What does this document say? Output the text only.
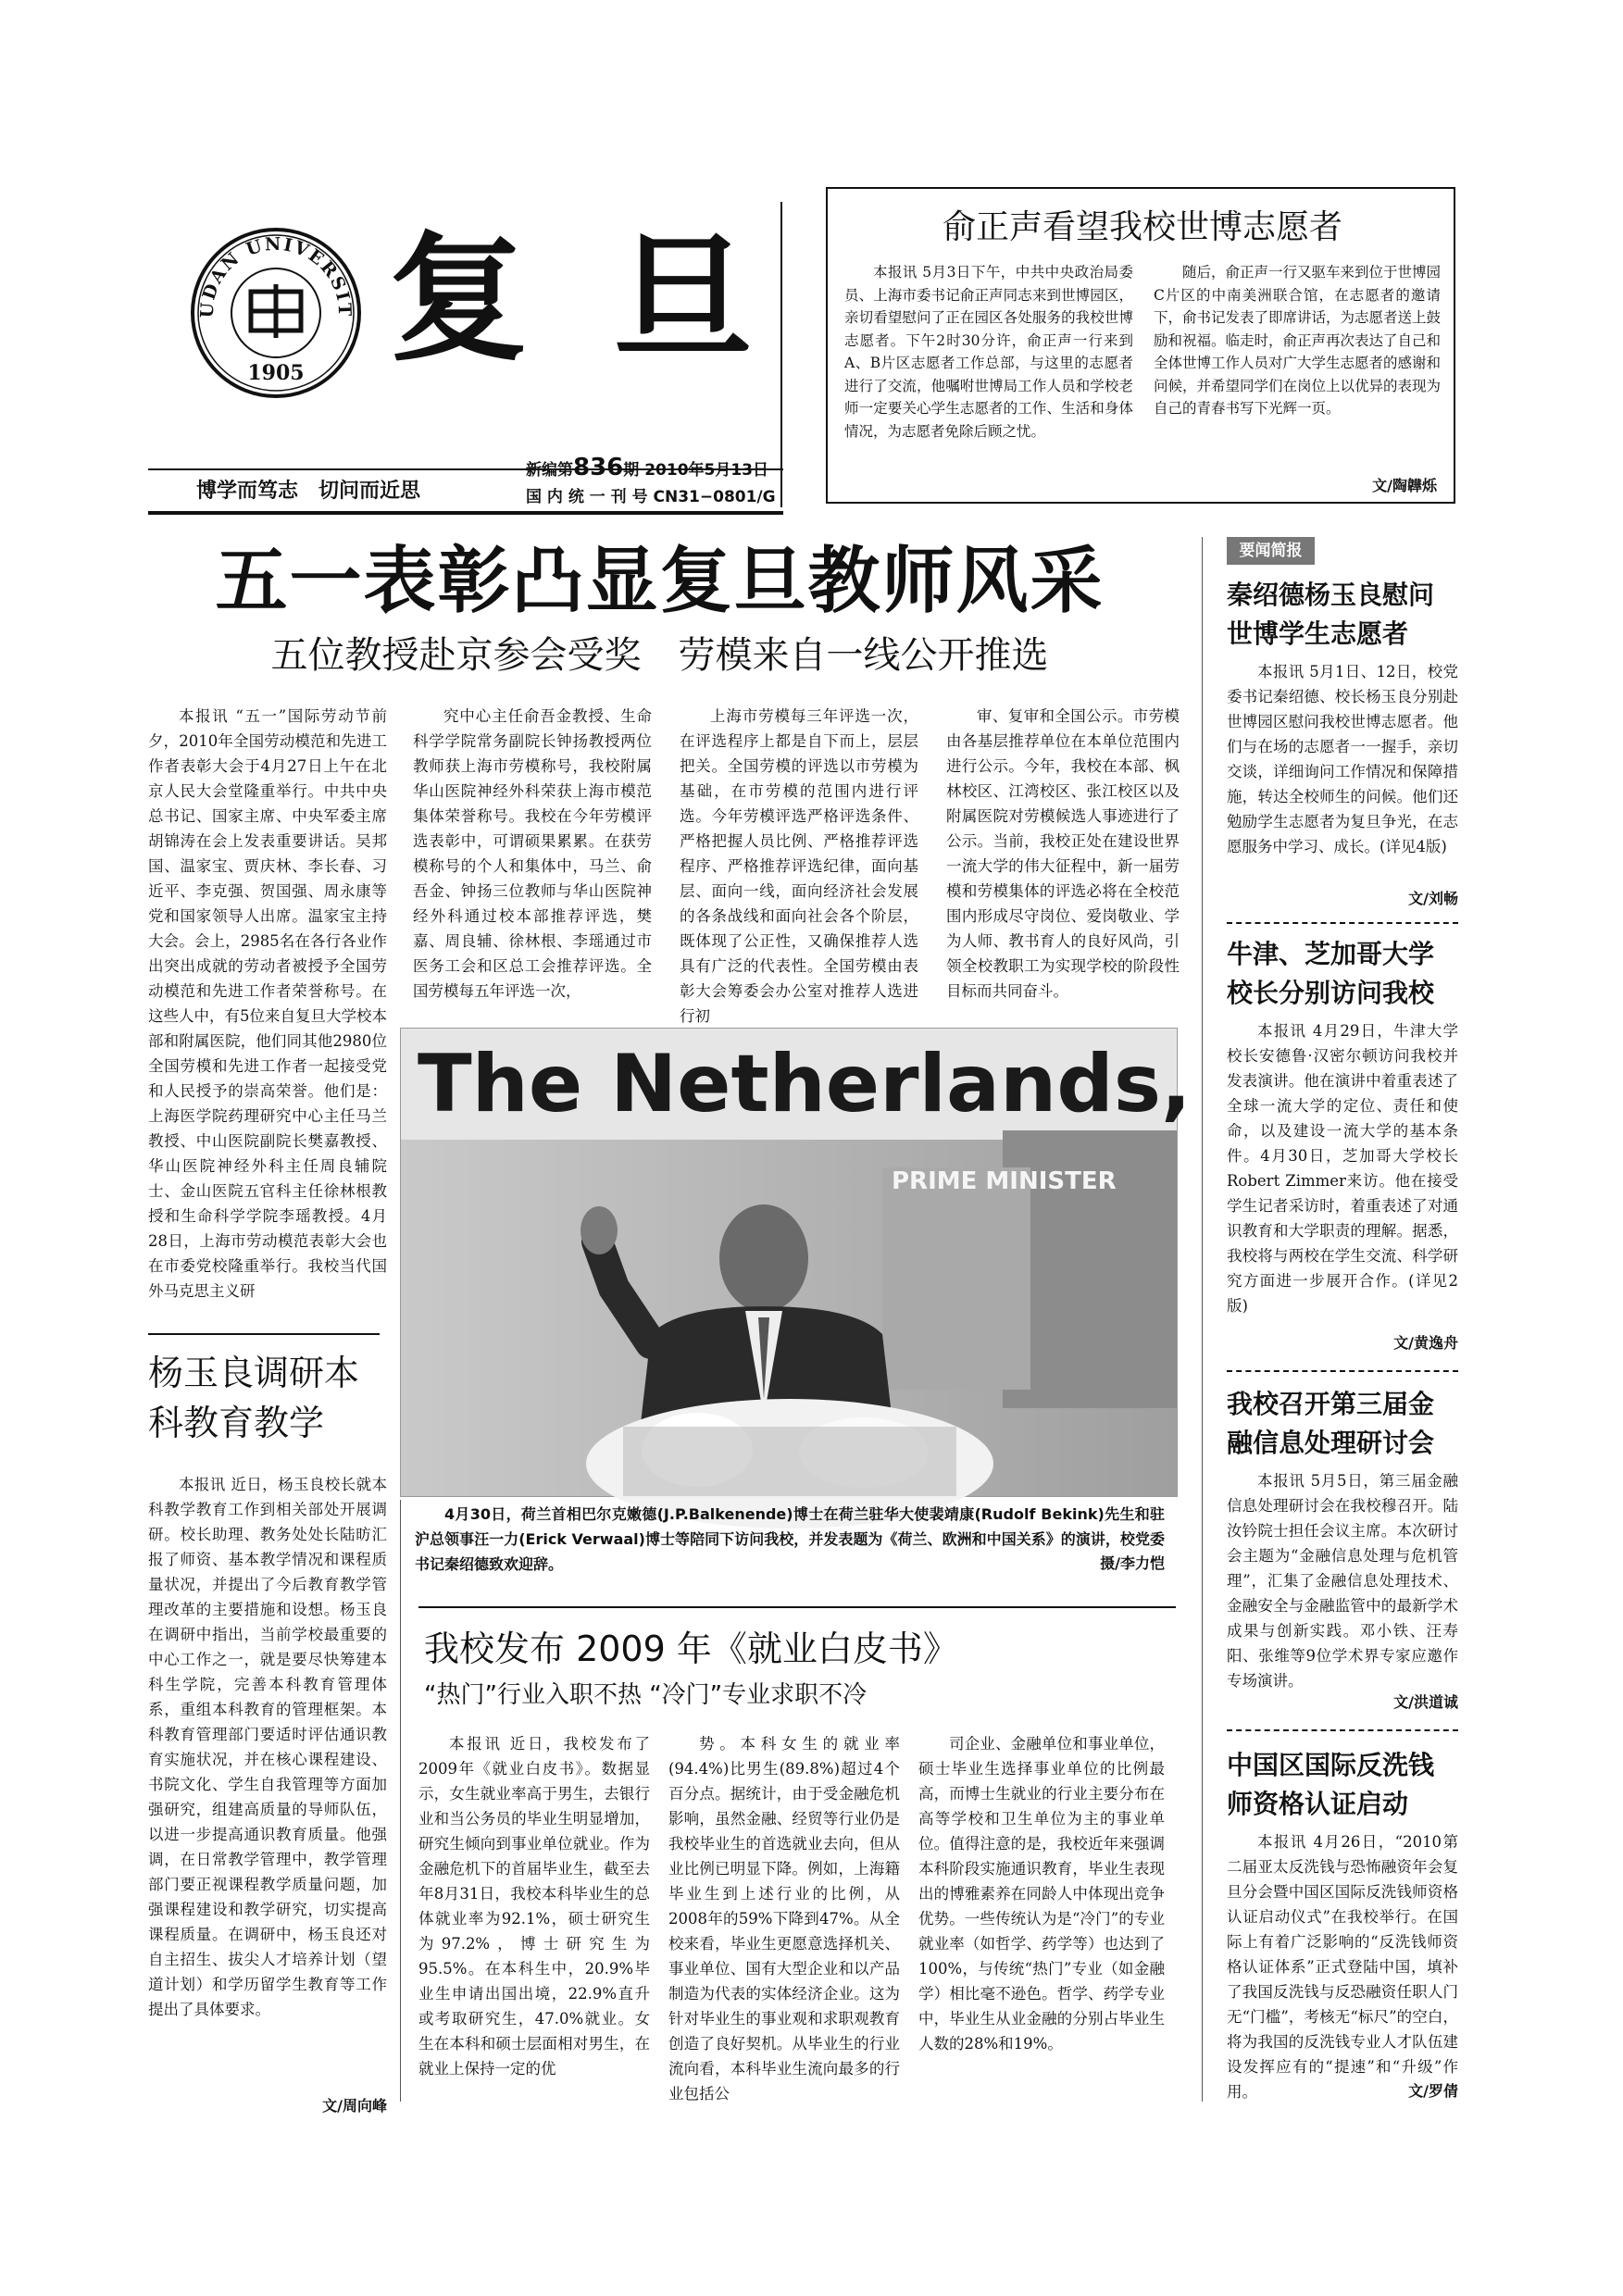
UDAN UNIVERSIT
1905 复 旦
博学而笃志　切问而近思
新编第836期 2010年5月13日
国 内 统 一 刊 号 CN31−0801/G
俞正声看望我校世博志愿者

本报讯 5月3日下午，中共中央政治局委员、上海市委书记俞正声同志来到世博园区，亲切看望慰问了正在园区各处服务的我校世博志愿者。下午2时30分许，俞正声一行来到A、B片区志愿者工作总部，与这里的志愿者进行了交流，他嘱咐世博局工作人员和学校老师一定要关心学生志愿者的工作、生活和身体情况，为志愿者免除后顾之忧。

随后，俞正声一行又驱车来到位于世博园C片区的中南美洲联合馆，在志愿者的邀请下，俞书记发表了即席讲话，为志愿者送上鼓励和祝福。临走时，俞正声再次表达了自己和全体世博工作人员对广大学生志愿者的感谢和问候，并希望同学们在岗位上以优异的表现为自己的青春书写下光辉一页。

文/陶韡烁
五一表彰凸显复旦教师风采
五位教授赴京参会受奖　劳模来自一线公开推选

本报讯 “五一”国际劳动节前夕，2010年全国劳动模范和先进工作者表彰大会于4月27日上午在北京人民大会堂隆重举行。中共中央总书记、国家主席、中央军委主席胡锦涛在会上发表重要讲话。吴邦国、温家宝、贾庆林、李长春、习近平、李克强、贺国强、周永康等党和国家领导人出席。温家宝主持大会。会上，2985名在各行各业作出突出成就的劳动者被授予全国劳动模范和先进工作者荣誉称号。在这些人中，有5位来自复旦大学校本部和附属医院，他们同其他2980位全国劳模和先进工作者一起接受党和人民授予的崇高荣誉。他们是：上海医学院药理研究中心主任马兰教授、中山医院副院长樊嘉教授、华山医院神经外科主任周良辅院士、金山医院五官科主任徐林根教授和生命科学学院李瑶教授。4月28日，上海市劳动模范表彰大会也在市委党校隆重举行。我校当代国外马克思主义研

究中心主任俞吾金教授、生命科学学院常务副院长钟扬教授两位教师获上海市劳模称号，我校附属华山医院神经外科荣获上海市模范集体荣誉称号。我校在今年劳模评选表彰中，可谓硕果累累。在获劳模称号的个人和集体中，马兰、俞吾金、钟扬三位教师与华山医院神经外科通过校本部推荐评选，樊嘉、周良辅、徐林根、李瑶通过市医务工会和区总工会推荐评选。全国劳模每五年评选一次，

上海市劳模每三年评选一次，在评选程序上都是自下而上，层层把关。全国劳模的评选以市劳模为基础，在市劳模的范围内进行评选。今年劳模评选严格评选条件、严格把握人员比例、严格推荐评选程序、严格推荐评选纪律，面向基层、面向一线，面向经济社会发展的各条战线和面向社会各个阶层，既体现了公正性，又确保推荐人选具有广泛的代表性。全国劳模由表彰大会筹委会办公室对推荐人选进行初

审、复审和全国公示。市劳模由各基层推荐单位在本单位范围内进行公示。今年，我校在本部、枫林校区、江湾校区、张江校区以及附属医院对劳模候选人事迹进行了公示。当前，我校正处在建设世界一流大学的伟大征程中，新一届劳模和劳模集体的评选必将在全校范围内形成尽守岗位、爱岗敬业、学为人师、教书育人的良好风尚，引领全校教职工为实现学校的阶段性目标而共同奋斗。

The Netherlands,
PRIME MINISTER
4月30日，荷兰首相巴尔克嫩德(J.P.Balkenende)博士在荷兰驻华大使裴靖康(Rudolf Bekink)先生和驻沪总领事汪一力(Erick Verwaal)博士等陪同下访问我校，并发表题为《荷兰、欧洲和中国关系》的演讲，校党委书记秦绍德致欢迎辞。	摄/李力恺
杨玉良调研本科教育教学

本报讯 近日，杨玉良校长就本科教学教育工作到相关部处开展调研。校长助理、教务处处长陆昉汇报了师资、基本教学情况和课程质量状况，并提出了今后教育教学管理改革的主要措施和设想。杨玉良在调研中指出，当前学校最重要的中心工作之一，就是要尽快筹建本科生学院，完善本科教育管理体系，重组本科教育的管理框架。本科教育管理部门要适时评估通识教育实施状况，并在核心课程建设、书院文化、学生自我管理等方面加强研究，组建高质量的导师队伍，以进一步提高通识教育质量。他强调，在日常教学管理中，教学管理部门要正视课程教学质量问题，加强课程建设和教学研究，切实提高课程质量。在调研中，杨玉良还对自主招生、拔尖人才培养计划（望道计划）和学历留学生教育等工作提出了具体要求。

文/周向峰
我校发布 2009 年《就业白皮书》
“热门”行业入职不热 “冷门”专业求职不冷

本报讯 近日，我校发布了2009年《就业白皮书》。数据显示，女生就业率高于男生，去银行业和当公务员的毕业生明显增加，研究生倾向到事业单位就业。作为金融危机下的首届毕业生，截至去年8月31日，我校本科毕业生的总体就业率为92.1%，硕士研究生为97.2%，博士研究生为95.5%。在本科生中，20.9%毕业生申请出国出境，22.9%直升或考取研究生，47.0%就业。女生在本科和硕士层面相对男生，在就业上保持一定的优

势。本科女生的就业率(94.4%)比男生(89.8%)超过4个百分点。据统计，由于受金融危机影响，虽然金融、经贸等行业仍是我校毕业生的首选就业去向，但从业比例已明显下降。例如，上海籍毕业生到上述行业的比例，从2008年的59%下降到47%。从全校来看，毕业生更愿意选择机关、事业单位、国有大型企业和以产品制造为代表的实体经济企业。这为针对毕业生的事业观和求职观教育创造了良好契机。从毕业生的行业流向看，本科毕业生流向最多的行业包括公

司企业、金融单位和事业单位，硕士毕业生选择事业单位的比例最高，而博士生就业的行业主要分布在高等学校和卫生单位为主的事业单位。值得注意的是，我校近年来强调本科阶段实施通识教育，毕业生表现出的博雅素养在同龄人中体现出竞争优势。一些传统认为是“冷门”的专业就业率（如哲学、药学等）也达到了100%，与传统“热门”专业（如金融学）相比毫不逊色。哲学、药学专业中，毕业生从业金融的分别占毕业生人数的28%和19%。

要闻简报
秦绍德杨玉良慰问世博学生志愿者

本报讯 5月1日、12日，校党委书记秦绍德、校长杨玉良分别赴世博园区慰问我校世博志愿者。他们与在场的志愿者一一握手，亲切交谈，详细询问工作情况和保障措施，转达全校师生的问候。他们还勉励学生志愿者为复旦争光，在志愿服务中学习、成长。(详见4版)

文/刘畅
牛津、芝加哥大学校长分别访问我校

本报讯 4月29日，牛津大学校长安德鲁·汉密尔顿访问我校并发表演讲。他在演讲中着重表述了全球一流大学的定位、责任和使命，以及建设一流大学的基本条件。4月30日，芝加哥大学校长Robert Zimmer来访。他在接受学生记者采访时，着重表述了对通识教育和大学职责的理解。据悉，我校将与两校在学生交流、科学研究方面进一步展开合作。(详见2版)

文/黄逸舟
我校召开第三届金融信息处理研讨会

本报讯 5月5日，第三届金融信息处理研讨会在我校穆召开。陆汝钤院士担任会议主席。本次研讨会主题为“金融信息处理与危机管理”，汇集了金融信息处理技术、金融安全与金融监管中的最新学术成果与创新实践。邓小铁、汪寿阳、张维等9位学术界专家应邀作专场演讲。

文/洪道诚
中国区国际反洗钱师资格认证启动

本报讯 4月26日，“2010第二届亚太反洗钱与恐怖融资年会复旦分会暨中国区国际反洗钱师资格认证启动仪式”在我校举行。在国际上有着广泛影响的“反洗钱师资格认证体系”正式登陆中国，填补了我国反洗钱与反恐融资任职人门无“门槛”，考核无“标尺”的空白，将为我国的反洗钱专业人才队伍建设发挥应有的“提速”和“升级”作用。	文/罗倩
